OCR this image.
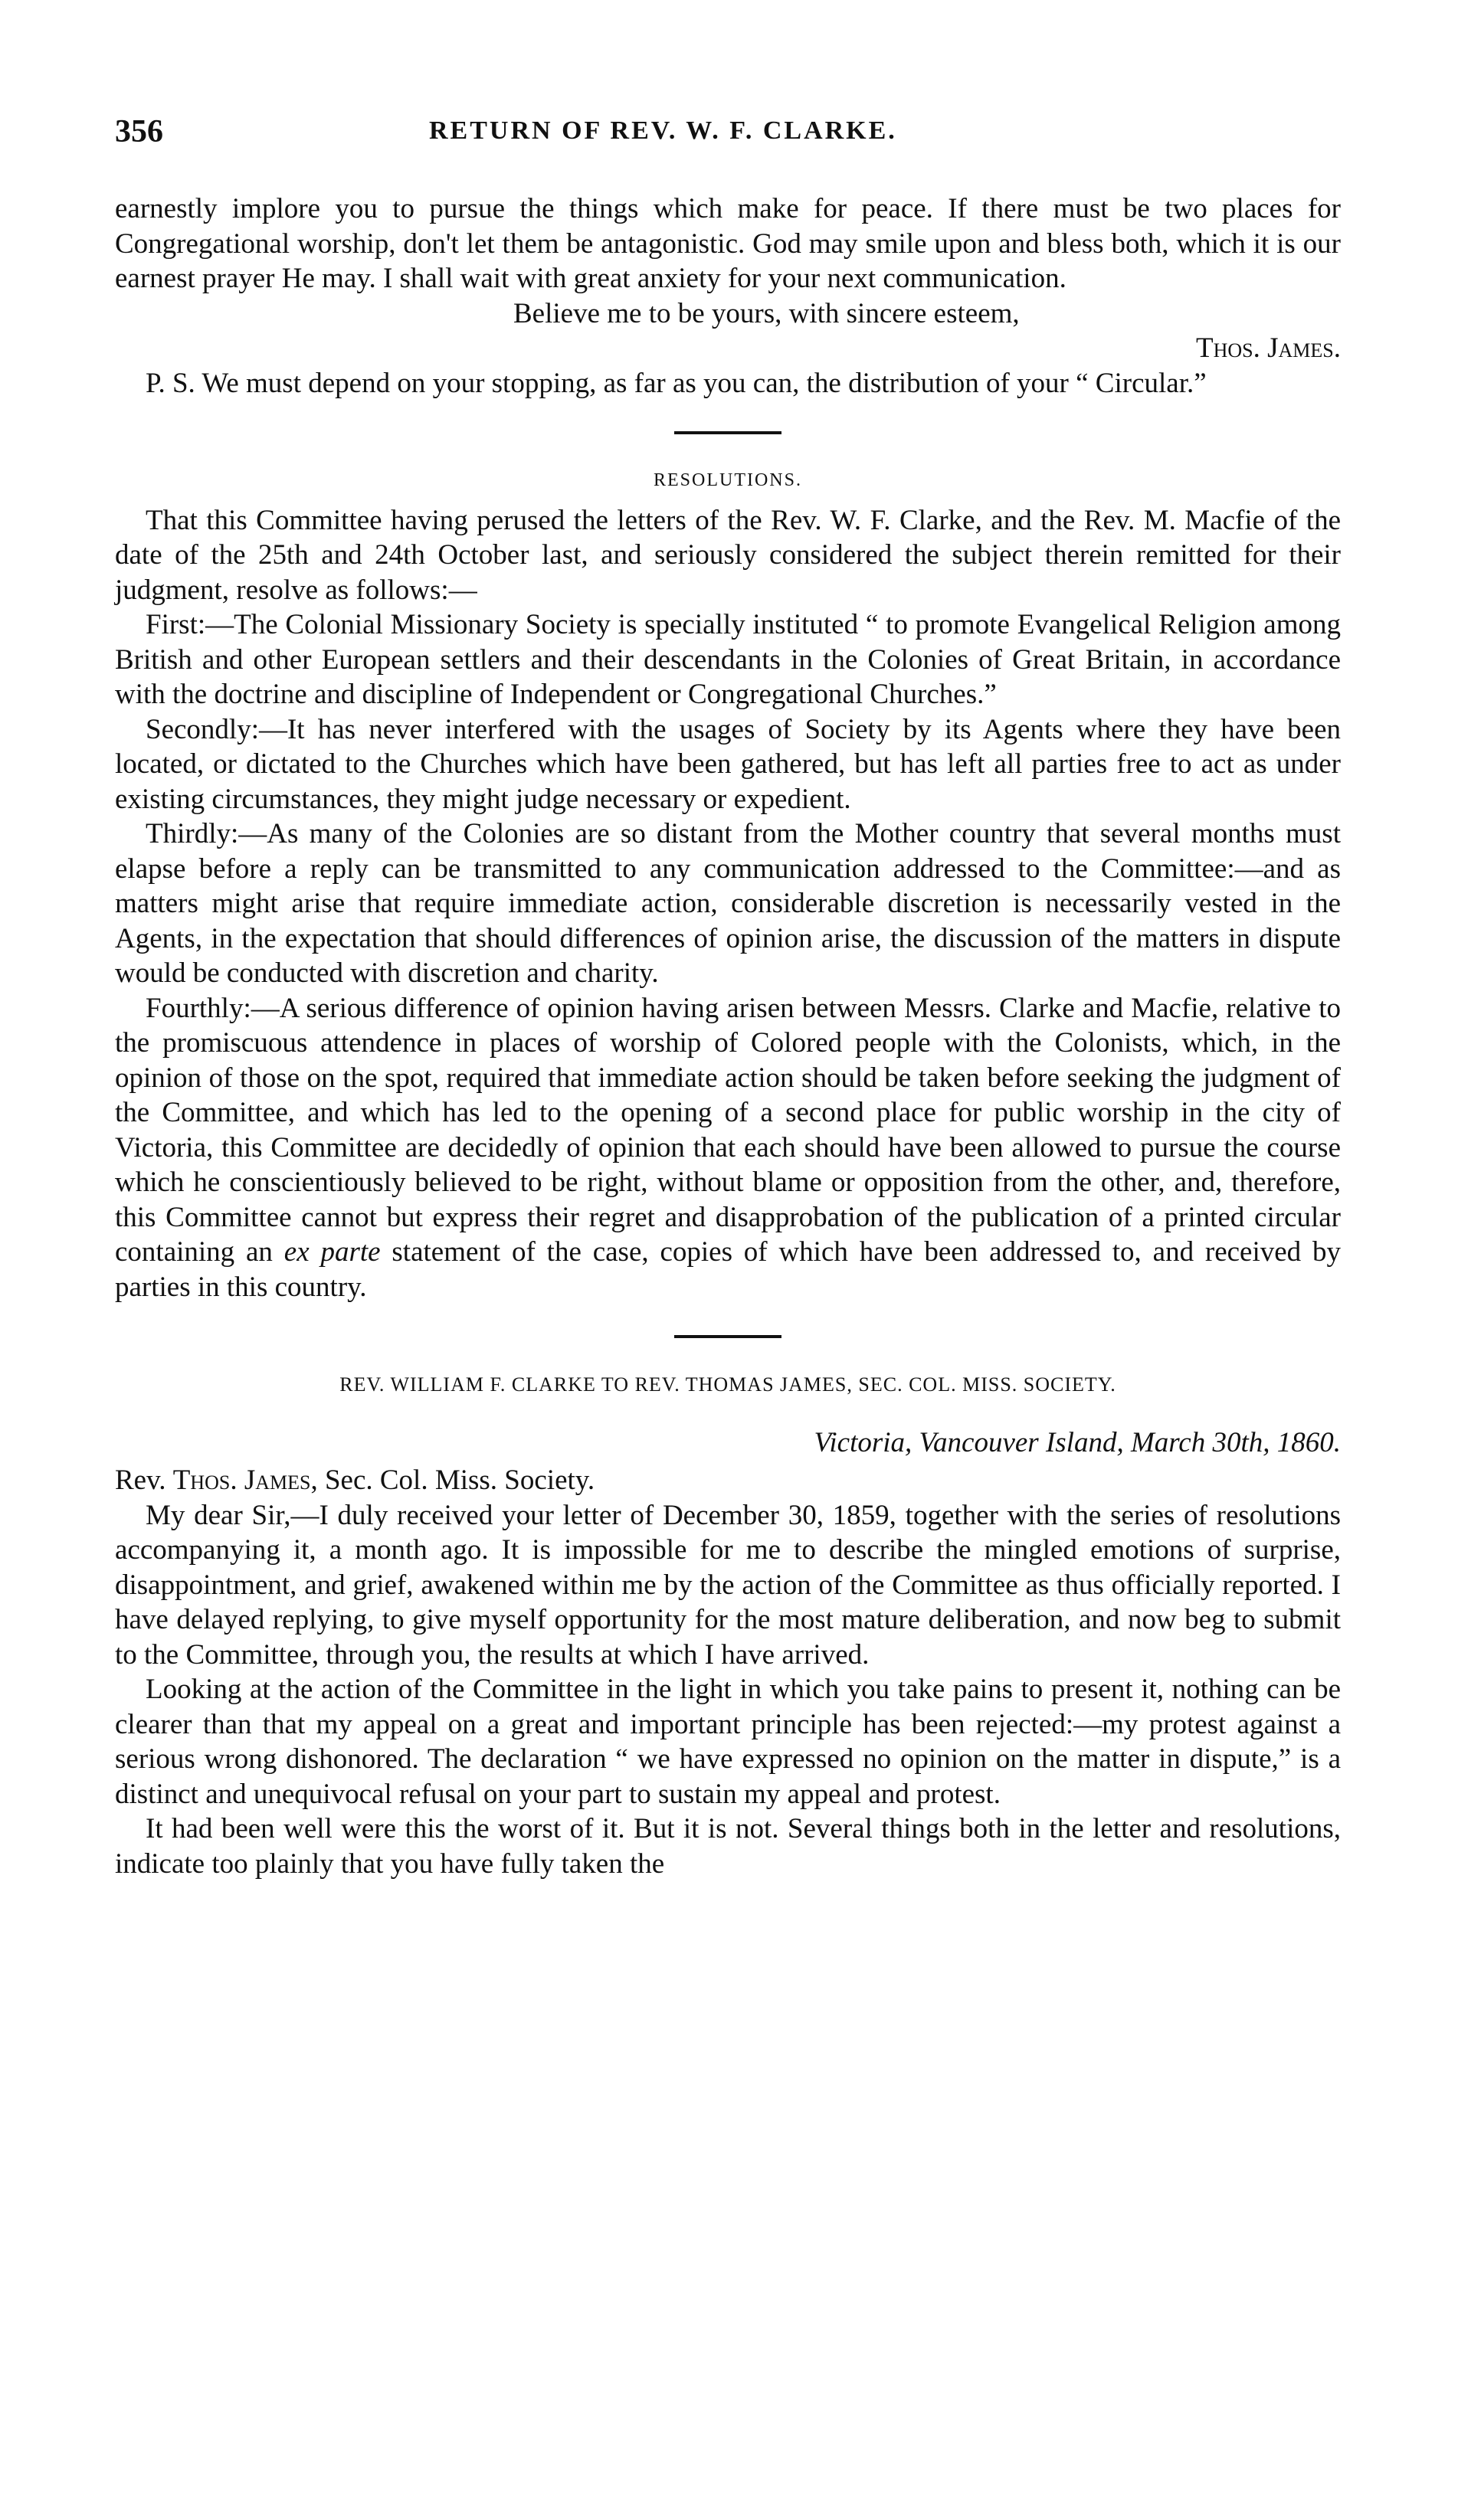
356	RETURN OF REV. W. F. CLARKE.

earnestly implore you to pursue the things which make for peace. If there must be two places for Congregational worship, don't let them be antagonistic. God may smile upon and bless both, which it is our earnest prayer He may. I shall wait with great anxiety for your next communication.

Believe me to be yours, with sincere esteem,

Thos. James.

P. S. We must depend on your stopping, as far as you can, the distribution of your “ Circular.”

RESOLUTIONS.

That this Committee having perused the letters of the Rev. W. F. Clarke, and the Rev. M. Macfie of the date of the 25th and 24th October last, and seriously considered the subject therein remitted for their judgment, resolve as follows:—

First:—The Colonial Missionary Society is specially instituted “ to promote Evangelical Religion among British and other European settlers and their descendants in the Colonies of Great Britain, in accordance with the doctrine and discipline of Independent or Congregational Churches.”

Secondly:—It has never interfered with the usages of Society by its Agents where they have been located, or dictated to the Churches which have been gathered, but has left all parties free to act as under existing circumstances, they might judge necessary or expedient.

Thirdly:—As many of the Colonies are so distant from the Mother country that several months must elapse before a reply can be transmitted to any communication addressed to the Committee:—and as matters might arise that require immediate action, considerable discretion is necessarily vested in the Agents, in the expectation that should differences of opinion arise, the discussion of the matters in dispute would be conducted with discretion and charity.

Fourthly:—A serious difference of opinion having arisen between Messrs. Clarke and Macfie, relative to the promiscuous attendence in places of worship of Colored people with the Colonists, which, in the opinion of those on the spot, required that immediate action should be taken before seeking the judgment of the Committee, and which has led to the opening of a second place for public worship in the city of Victoria, this Committee are decidedly of opinion that each should have been allowed to pursue the course which he conscientiously believed to be right, without blame or opposition from the other, and, therefore, this Committee cannot but express their regret and disapprobation of the publication of a printed circular containing an ex parte statement of the case, copies of which have been addressed to, and received by parties in this country.

REV. WILLIAM F. CLARKE TO REV. THOMAS JAMES, SEC. COL. MISS. SOCIETY.

Victoria, Vancouver Island, March 30th, 1860.

Rev. Thos. James, Sec. Col. Miss. Society.

My dear Sir,—I duly received your letter of December 30, 1859, together with the series of resolutions accompanying it, a month ago. It is impossible for me to describe the mingled emotions of surprise, disappointment, and grief, awakened within me by the action of the Committee as thus officially reported. I have delayed replying, to give myself opportunity for the most mature deliberation, and now beg to submit to the Committee, through you, the results at which I have arrived.

Looking at the action of the Committee in the light in which you take pains to present it, nothing can be clearer than that my appeal on a great and important principle has been rejected:—my protest against a serious wrong dishonored. The declaration “ we have expressed no opinion on the matter in dispute,” is a distinct and unequivocal refusal on your part to sustain my appeal and protest.

It had been well were this the worst of it. But it is not. Several things both in the letter and resolutions, indicate too plainly that you have fully taken the
